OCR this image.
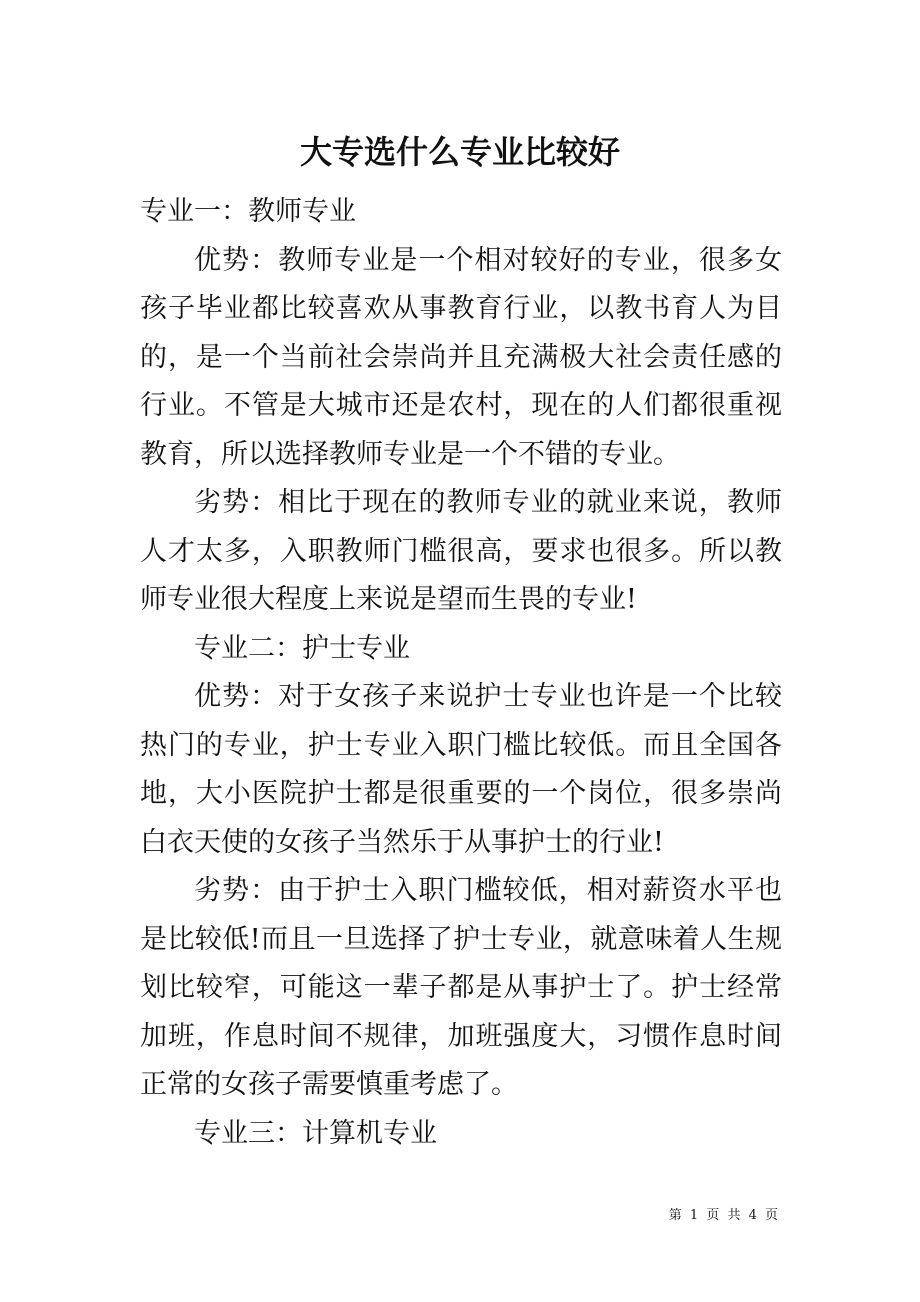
大专选什么专业比较好

专业一：教师专业

优势：教师专业是一个相对较好的专业，很多女孩子毕业都比较喜欢从事教育行业，以教书育人为目的，是一个当前社会崇尚并且充满极大社会责任感的行业。不管是大城市还是农村，现在的人们都很重视教育，所以选择教师专业是一个不错的专业。

劣势：相比于现在的教师专业的就业来说，教师人才太多，入职教师门槛很高，要求也很多。所以教师专业很大程度上来说是望而生畏的专业!

专业二：护士专业

优势：对于女孩子来说护士专业也许是一个比较热门的专业，护士专业入职门槛比较低。而且全国各地，大小医院护士都是很重要的一个岗位，很多崇尚白衣天使的女孩子当然乐于从事护士的行业!

劣势：由于护士入职门槛较低，相对薪资水平也是比较低!而且一旦选择了护士专业，就意味着人生规划比较窄，可能这一辈子都是从事护士了。护士经常加班，作息时间不规律，加班强度大，习惯作息时间正常的女孩子需要慎重考虑了。

专业三：计算机专业

第 1 页 共 4 页
